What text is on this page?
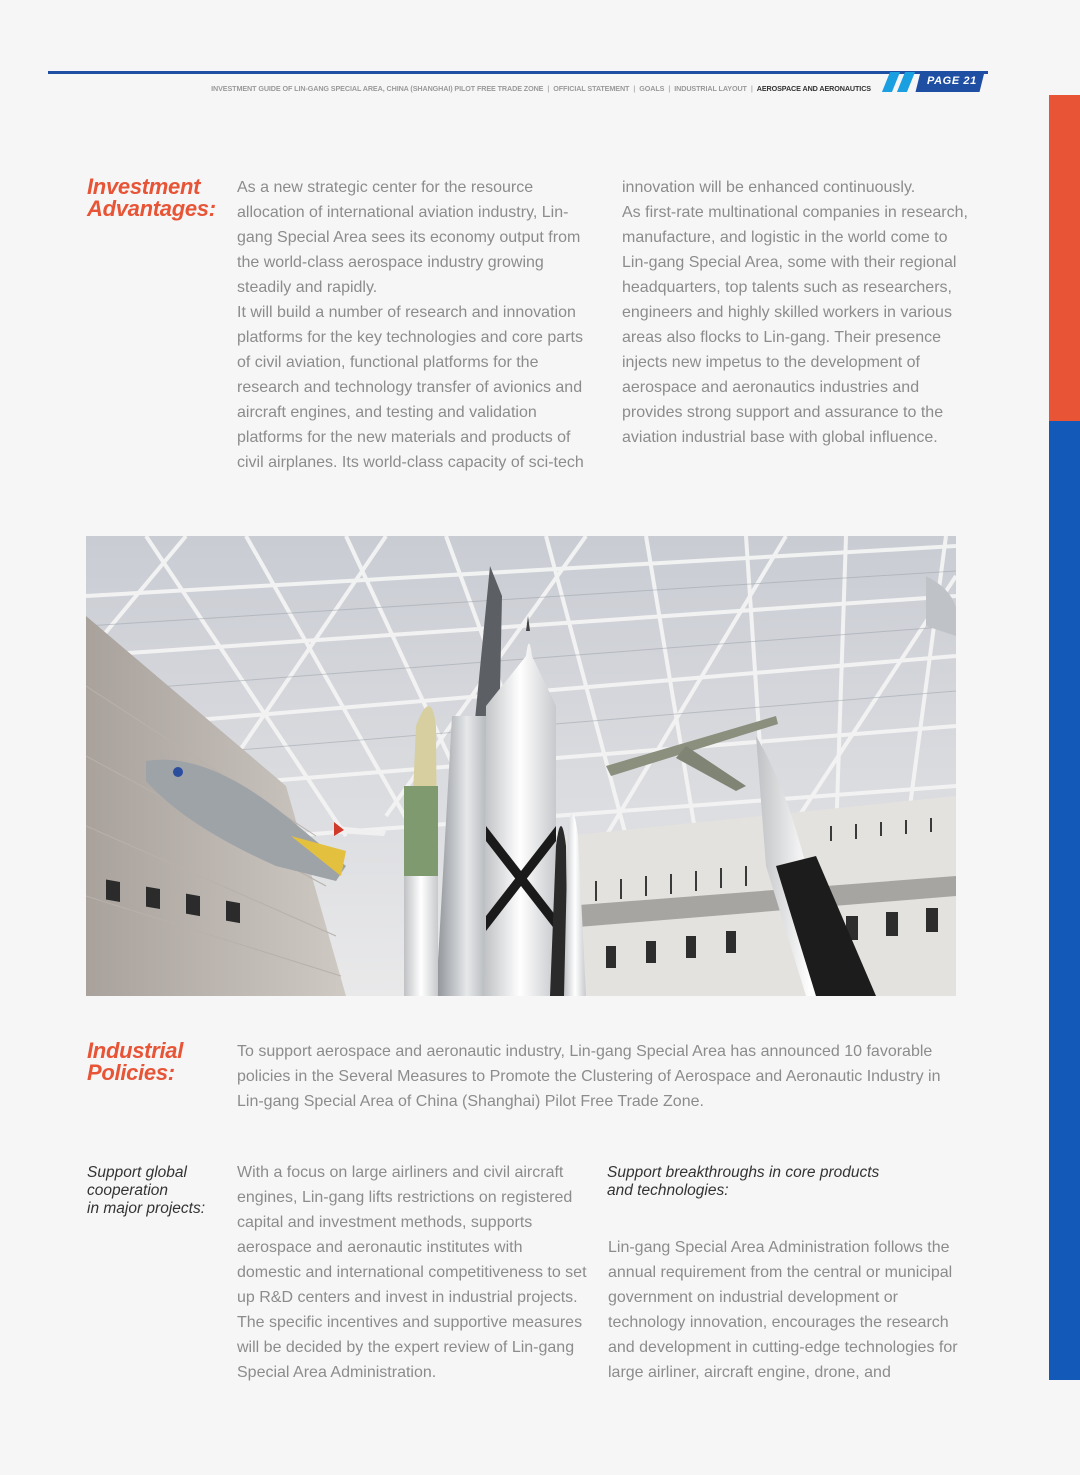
INVESTMENT GUIDE OF LIN-GANG SPECIAL AREA, CHINA (SHANGHAI) PILOT FREE TRADE ZONE | OFFICIAL STATEMENT | GOALS | INDUSTRIAL LAYOUT | AEROSPACE AND AERONAUTICS
PAGE 21
Investment
Advantages:

As a new strategic center for the resource allocation of international aviation industry, Lin-gang Special Area sees its economy output from the world-class aerospace industry growing steadily and rapidly.

It will build a number of research and innovation platforms for the key technologies and core parts of civil aviation, functional platforms for the research and technology transfer of avionics and aircraft engines, and testing and validation platforms for the new materials and products of civil airplanes. Its world-class capacity of sci-tech

innovation will be enhanced continuously.

As first-rate multinational companies in research, manufacture, and logistic in the world come to Lin-gang Special Area, some with their regional headquarters, top talents such as researchers, engineers and highly skilled workers in various areas also flocks to Lin-gang. Their presence injects new impetus to the development of aerospace and aeronautics industries and provides strong support and assurance to the aviation industrial base with global influence.

Industrial
Policies:

To support aerospace and aeronautic industry, Lin-gang Special Area has announced 10 favorable policies in the Several Measures to Promote the Clustering of Aerospace and Aeronautic Industry in Lin-gang Special Area of China (Shanghai) Pilot Free Trade Zone.

Support global
cooperation
in major projects:

With a focus on large airliners and civil aircraft engines, Lin-gang lifts restrictions on registered capital and investment methods, supports aerospace and aeronautic institutes with domestic and international competitiveness to set up R&D centers and invest in industrial projects. The specific incentives and supportive measures will be decided by the expert review of Lin-gang Special Area Administration.

Support breakthroughs in core products
and technologies:

Lin-gang Special Area Administration follows the annual requirement from the central or municipal government on industrial development or technology innovation, encourages the research and development in cutting-edge technologies for large airliner, aircraft engine, drone, and
